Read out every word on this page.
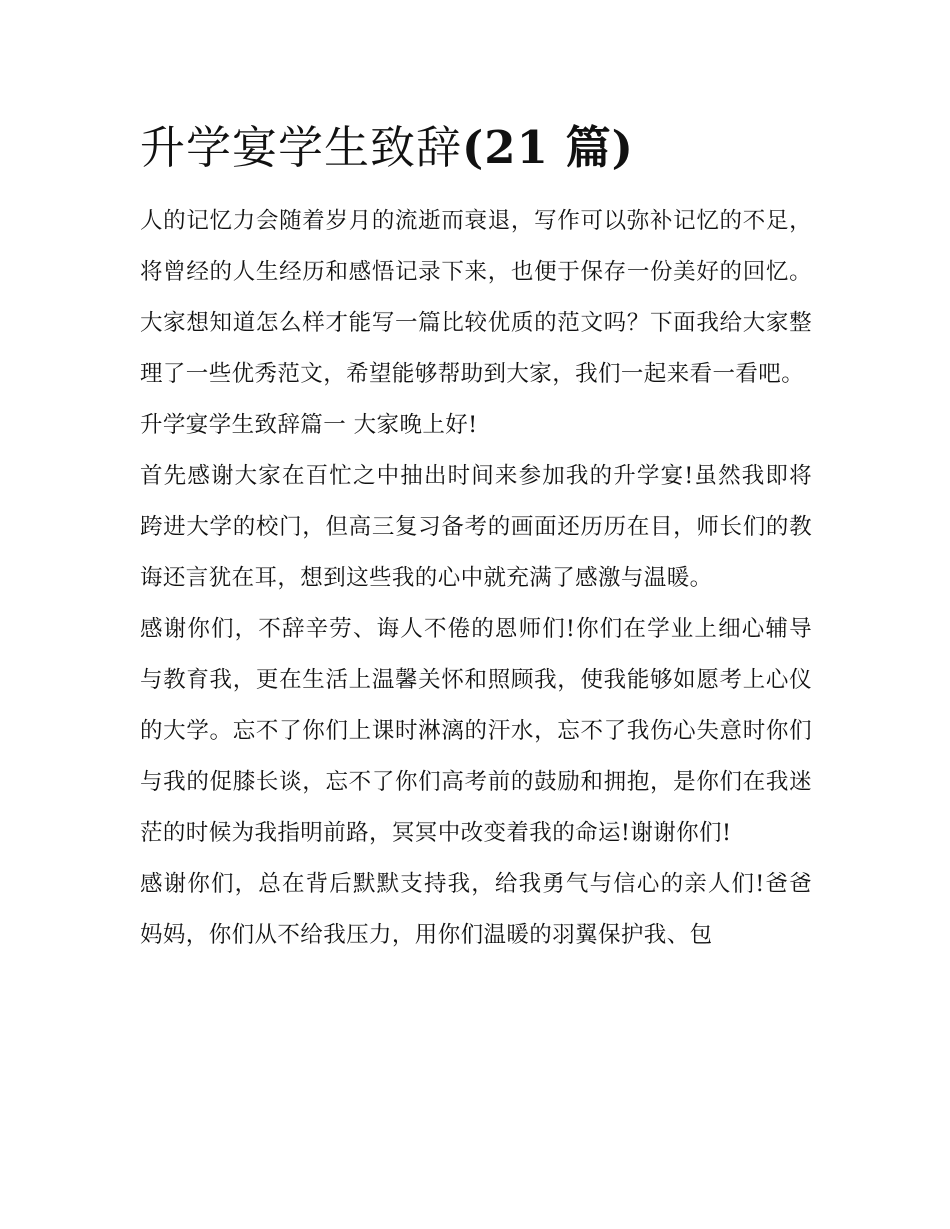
升学宴学生致辞(21 篇)

人的记忆力会随着岁月的流逝而衰退，写作可以弥补记忆的不足，将曾经的人生经历和感悟记录下来，也便于保存一份美好的回忆。大家想知道怎么样才能写一篇比较优质的范文吗？下面我给大家整理了一些优秀范文，希望能够帮助到大家，我们一起来看一看吧。

升学宴学生致辞篇一 大家晚上好!

首先感谢大家在百忙之中抽出时间来参加我的升学宴!虽然我即将跨进大学的校门，但高三复习备考的画面还历历在目，师长们的教诲还言犹在耳，想到这些我的心中就充满了感激与温暖。

感谢你们，不辞辛劳、诲人不倦的恩师们!你们在学业上细心辅导与教育我，更在生活上温馨关怀和照顾我，使我能够如愿考上心仪的大学。忘不了你们上课时淋漓的汗水，忘不了我伤心失意时你们与我的促膝长谈，忘不了你们高考前的鼓励和拥抱，是你们在我迷茫的时候为我指明前路，冥冥中改变着我的命运!谢谢你们!

感谢你们，总在背后默默支持我，给我勇气与信心的亲人们!爸爸妈妈，你们从不给我压力，用你们温暖的羽翼保护我、包
